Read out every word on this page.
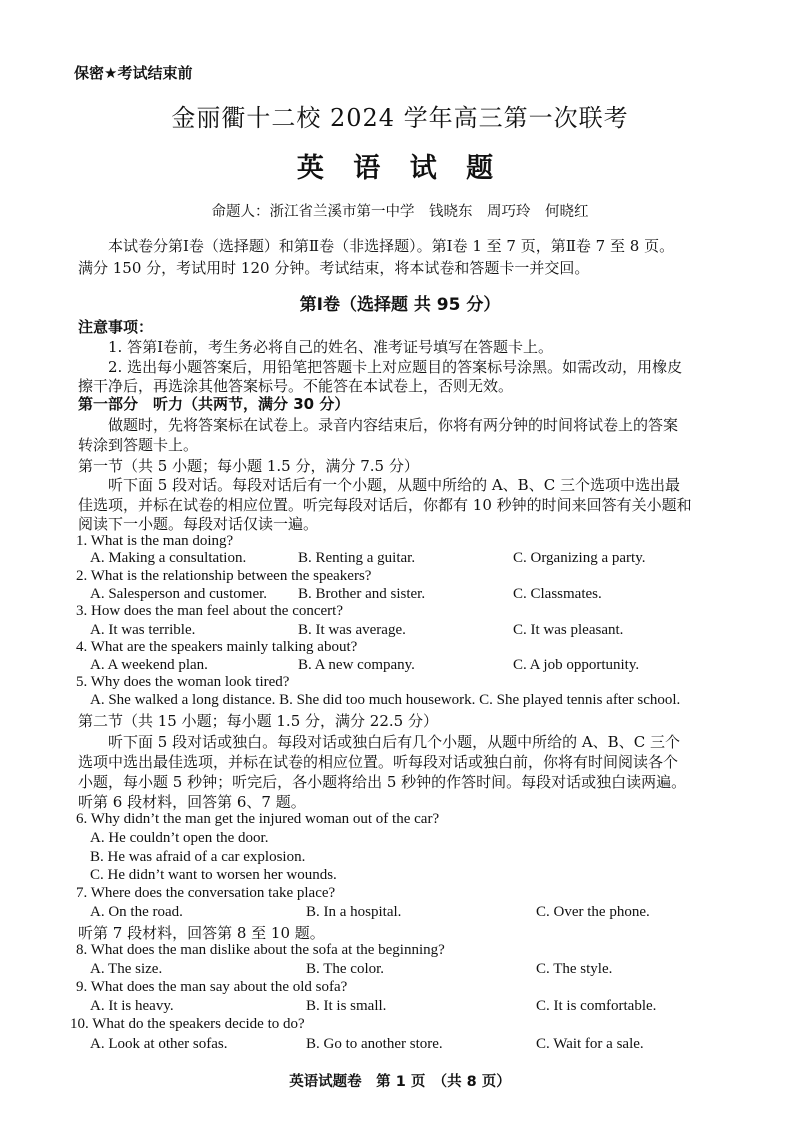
保密★考试结束前
金丽衢十二校 2024 学年高三第一次联考
英 语 试 题
命题人：浙江省兰溪市第一中学　钱晓东　周巧玲　何晓红
本试卷分第Ⅰ卷（选择题）和第Ⅱ卷（非选择题）。第Ⅰ卷 1 至 7 页，第Ⅱ卷 7 至 8 页。
满分 150 分，考试用时 120 分钟。考试结束，将本试卷和答题卡一并交回。
第Ⅰ卷（选择题 共 95 分）
注意事项：
1. 答第Ⅰ卷前，考生务必将自己的姓名、准考证号填写在答题卡上。
2. 选出每小题答案后，用铅笔把答题卡上对应题目的答案标号涂黑。如需改动，用橡皮
擦干净后，再选涂其他答案标号。不能答在本试卷上，否则无效。
第一部分　听力（共两节，满分 30 分）
做题时，先将答案标在试卷上。录音内容结束后，你将有两分钟的时间将试卷上的答案
转涂到答题卡上。
第一节（共 5 小题；每小题 1.5 分，满分 7.5 分）
听下面 5 段对话。每段对话后有一个小题，从题中所给的 A、B、C 三个选项中选出最
佳选项，并标在试卷的相应位置。听完每段对话后，你都有 10 秒钟的时间来回答有关小题和
阅读下一小题。每段对话仅读一遍。
1. What is the man doing?
A. Making a consultation.	B. Renting a guitar.	C. Organizing a party.
2. What is the relationship between the speakers?
A. Salesperson and customer. B. Brother and sister.	C. Classmates.
3. How does the man feel about the concert?
A. It was terrible.	B. It was average.	C. It was pleasant.
4. What are the speakers mainly talking about?
A. A weekend plan.	B. A new company.	C. A job opportunity.
5. Why does the woman look tired?
A. She walked a long distance. B. She did too much housework. C. She played tennis after school.
第二节（共 15 小题；每小题 1.5 分，满分 22.5 分）
听下面 5 段对话或独白。每段对话或独白后有几个小题，从题中所给的 A、B、C 三个
选项中选出最佳选项，并标在试卷的相应位置。听每段对话或独白前，你将有时间阅读各个
小题，每小题 5 秒钟；听完后，各小题将给出 5 秒钟的作答时间。每段对话或独白读两遍。
听第 6 段材料，回答第 6、7 题。
6. Why didn’t the man get the injured woman out of the car?
A. He couldn’t open the door.
B. He was afraid of a car explosion.
C. He didn’t want to worsen her wounds.
7. Where does the conversation take place?
A. On the road.	B. In a hospital.	C. Over the phone.
听第 7 段材料，回答第 8 至 10 题。
8. What does the man dislike about the sofa at the beginning?
A. The size.	B. The color.	C. The style.
9. What does the man say about the old sofa?
A. It is heavy.	B. It is small.	C. It is comfortable.
10. What do the speakers decide to do?
A. Look at other sofas.	B. Go to another store.	C. Wait for a sale.
英语试题卷　第 1 页　（共 8 页）
